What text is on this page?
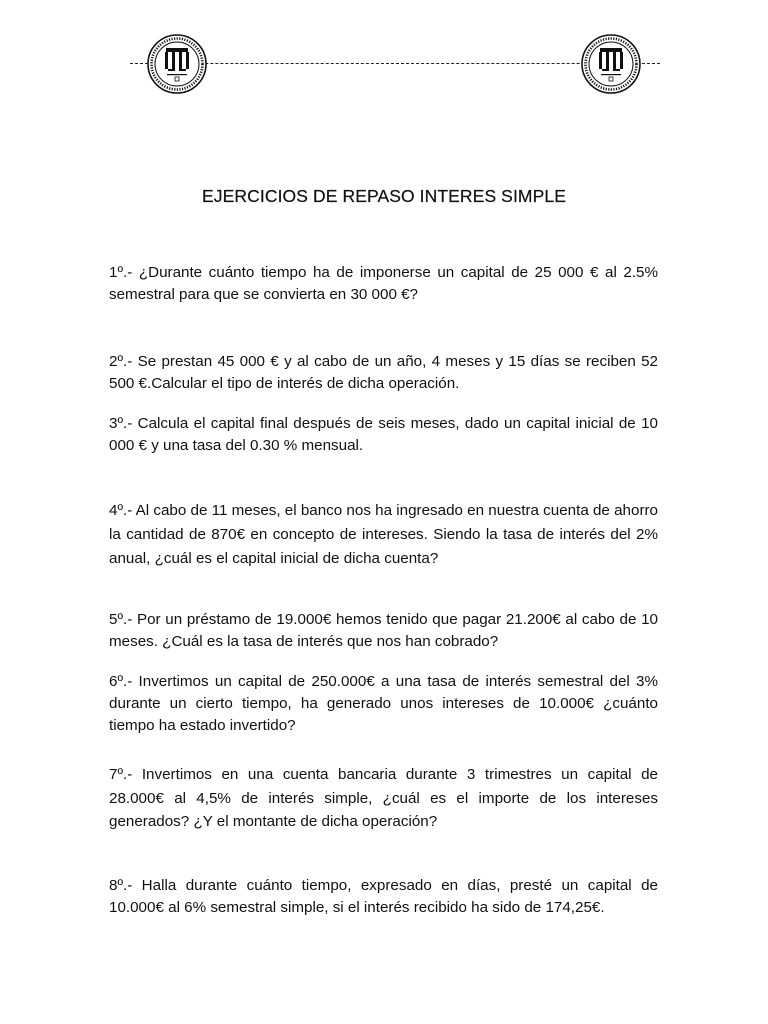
EJERCICIOS DE REPASO INTERES SIMPLE

1º.- ¿Durante cuánto tiempo ha de imponerse un capital de 25 000 € al 2.5% semestral para que se convierta en 30 000 €?

2º.- Se prestan 45 000 € y al cabo de un año, 4 meses y 15 días se reciben 52 500 €.Calcular el tipo de interés de dicha operación.

3º.- Calcula el capital final después de seis meses, dado un capital inicial de 10 000 € y una tasa del 0.30 % mensual.

4º.- Al cabo de 11 meses, el banco nos ha ingresado en nuestra cuenta de ahorro la cantidad de 870€ en concepto de intereses. Siendo la tasa de interés del 2% anual, ¿cuál es el capital inicial de dicha cuenta?

5º.- Por un préstamo de 19.000€ hemos tenido que pagar 21.200€ al cabo de 10 meses. ¿Cuál es la tasa de interés que nos han cobrado?

6º.- Invertimos un capital de 250.000€ a una tasa de interés semestral del 3% durante un cierto tiempo, ha generado unos intereses de 10.000€ ¿cuánto tiempo ha estado invertido?

7º.- Invertimos en una cuenta bancaria durante 3 trimestres un capital de 28.000€ al 4,5% de interés simple, ¿cuál es el importe de los intereses generados? ¿Y el montante de dicha operación?

8º.- Halla durante cuánto tiempo, expresado en días, presté un capital de 10.000€ al 6% semestral simple, si el interés recibido ha sido de 174,25€.
